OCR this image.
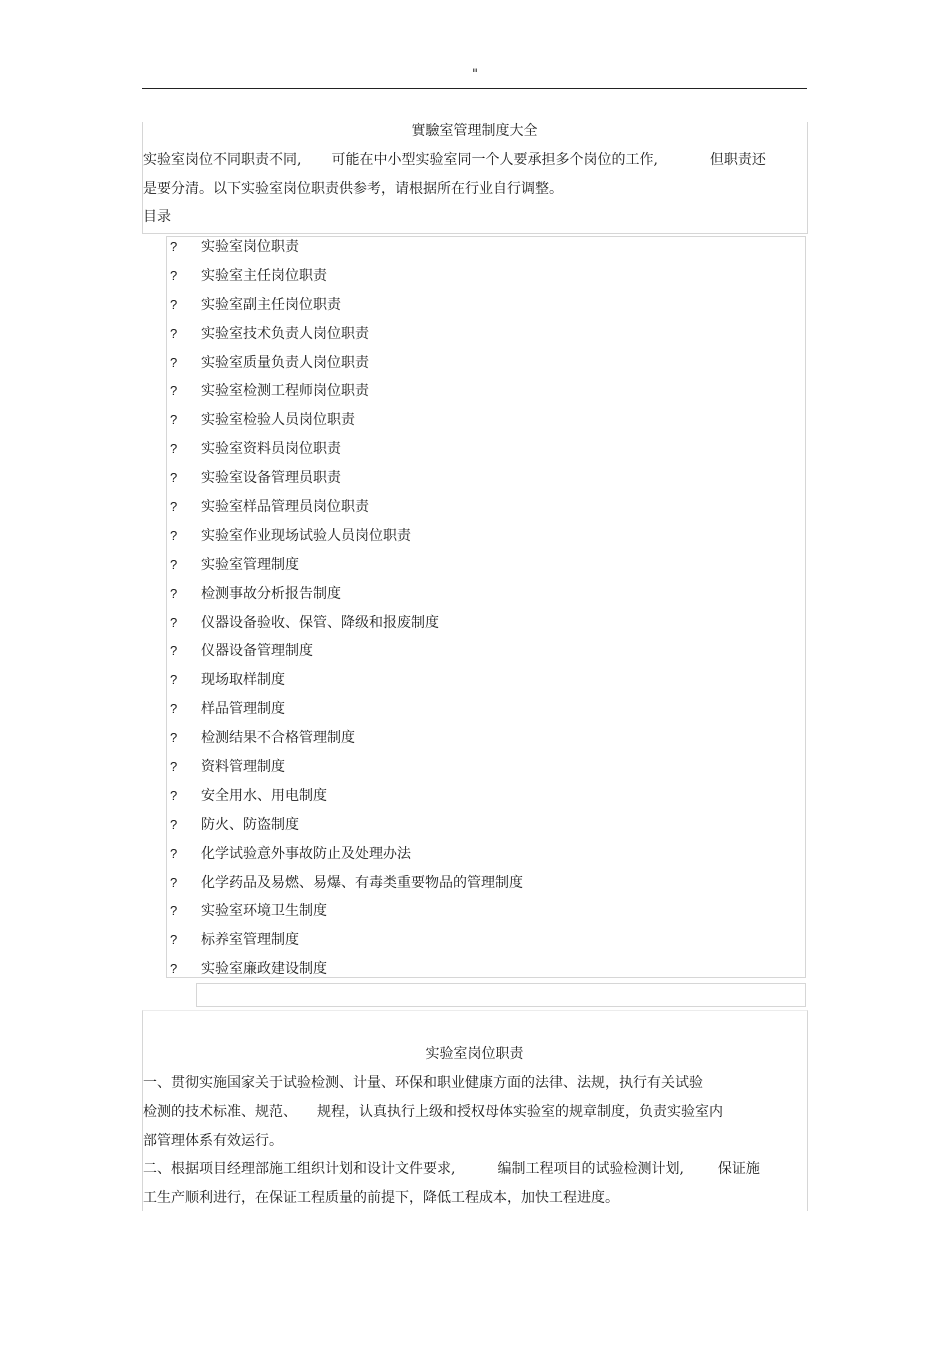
"
實驗室管理制度大全
实验室岗位不同职责不同, 可能在中小型实验室同一个人要承担多个岗位的工作,	但职责还
是要分清。以下实验室岗位职责供参考，请根据所在行业自行调整。
目录
? 实验室岗位职责
? 实验室主任岗位职责
? 实验室副主任岗位职责
? 实验室技术负责人岗位职责
? 实验室质量负责人岗位职责
? 实验室检测工程师岗位职责
? 实验室检验人员岗位职责
? 实验室资料员岗位职责
? 实验室设备管理员职责
? 实验室样品管理员岗位职责
? 实验室作业现场试验人员岗位职责
? 实验室管理制度
? 检测事故分析报告制度
? 仪器设备验收、保管、降级和报废制度
? 仪器设备管理制度
? 现场取样制度
? 样品管理制度
? 检测结果不合格管理制度
? 资料管理制度
? 安全用水、用电制度
? 防火、防盗制度
? 化学试验意外事故防止及处理办法
? 化学药品及易燃、易爆、有毒类重要物品的管理制度
? 实验室环境卫生制度
? 标养室管理制度
? 实验室廉政建设制度
实验室岗位职责
一、贯彻实施国家关于试验检测、计量、环保和职业健康方面的法律、法规，执行有关试验
检测的技术标准、规范、 规程，认真执行上级和授权母体实验室的规章制度，负责实验室内
部管理体系有效运行。
二、根据项目经理部施工组织计划和设计文件要求,	编制工程项目的试验检测计划, 保证施
工生产顺利进行，在保证工程质量的前提下，降低工程成本，加快工程进度。
